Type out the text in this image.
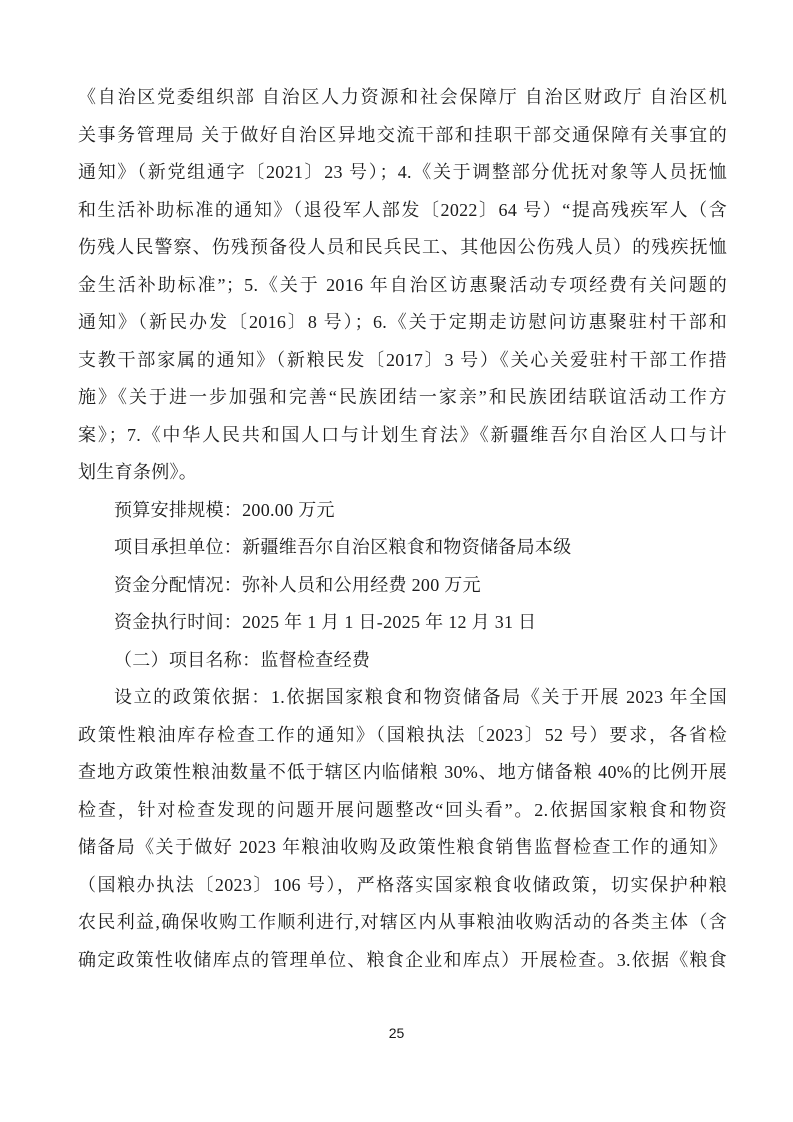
《自治区党委组织部 自治区人力资源和社会保障厅 自治区财政厅 自治区机
关事务管理局 关于做好自治区异地交流干部和挂职干部交通保障有关事宜的
通知》（新党组通字〔2021〕23 号）；4.《关于调整部分优抚对象等人员抚恤
和生活补助标准的通知》（退役军人部发〔2022〕64 号）“提高残疾军人（含
伤残人民警察、伤残预备役人员和民兵民工、其他因公伤残人员）的残疾抚恤
金生活补助标准”；5.《关于 2016 年自治区访惠聚活动专项经费有关问题的
通知》（新民办发〔2016〕8 号）；6.《关于定期走访慰问访惠聚驻村干部和
支教干部家属的通知》（新粮民发〔2017〕3 号）《关心关爱驻村干部工作措
施》《关于进一步加强和完善“民族团结一家亲”和民族团结联谊活动工作方
案》；7.《中华人民共和国人口与计划生育法》《新疆维吾尔自治区人口与计
划生育条例》。
预算安排规模：200.00 万元
项目承担单位：新疆维吾尔自治区粮食和物资储备局本级
资金分配情况：弥补人员和公用经费 200 万元
资金执行时间：2025 年 1 月 1 日-2025 年 12 月 31 日
（二）项目名称：监督检查经费
设立的政策依据：1.依据国家粮食和物资储备局《关于开展 2023 年全国
政策性粮油库存检查工作的通知》（国粮执法〔2023〕52 号）要求，各省检
查地方政策性粮油数量不低于辖区内临储粮 30%、地方储备粮 40%的比例开展
检查，针对检查发现的问题开展问题整改“回头看”。2.依据国家粮食和物资
储备局《关于做好 2023 年粮油收购及政策性粮食销售监督检查工作的通知》
（国粮办执法〔2023〕106 号），严格落实国家粮食收储政策，切实保护种粮
农民利益,确保收购工作顺利进行,对辖区内从事粮油收购活动的各类主体（含
确定政策性收储库点的管理单位、粮食企业和库点）开展检查。3.依据《粮食
25
